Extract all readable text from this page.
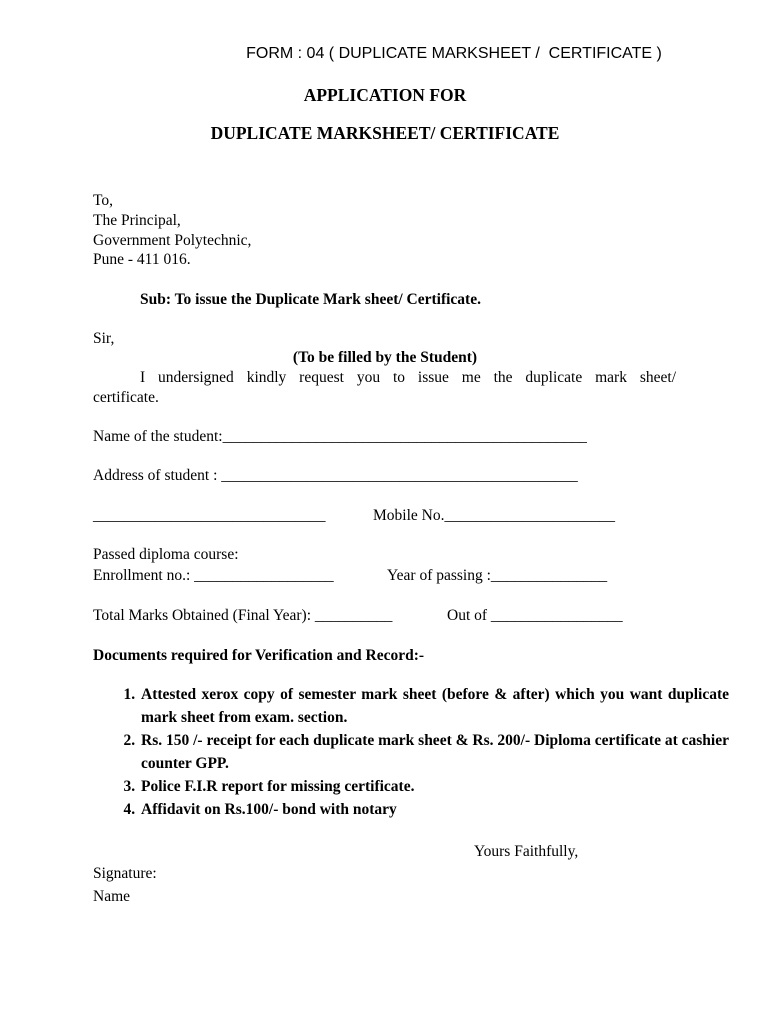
FORM : 04 ( DUPLICATE MARKSHEET /  CERTIFICATE )
APPLICATION FOR
DUPLICATE MARKSHEET/ CERTIFICATE
To,
The Principal,
Government Polytechnic,
Pune - 411 016.
Sub: To issue the Duplicate Mark sheet/ Certificate.
Sir,
(To be filled by the Student)
I undersigned kindly request you to issue me the duplicate mark sheet/
certificate.
Name of the student:_______________________________________________
Address of student : ______________________________________________
______________________________	Mobile No.______________________
Passed diploma course:
Enrollment no.: __________________	Year of passing :_______________
Total Marks Obtained (Final Year): __________	Out of _________________
Documents required for Verification and Record:-
1. Attested xerox copy of semester mark sheet (before & after) which you want duplicate mark sheet from exam. section.
2. Rs. 150 /- receipt for each duplicate mark sheet & Rs. 200/- Diploma certificate at cashier counter GPP.
3. Police F.I.R report for missing certificate.
4. Affidavit on Rs.100/- bond with notary
Yours Faithfully,
Signature:
Name
